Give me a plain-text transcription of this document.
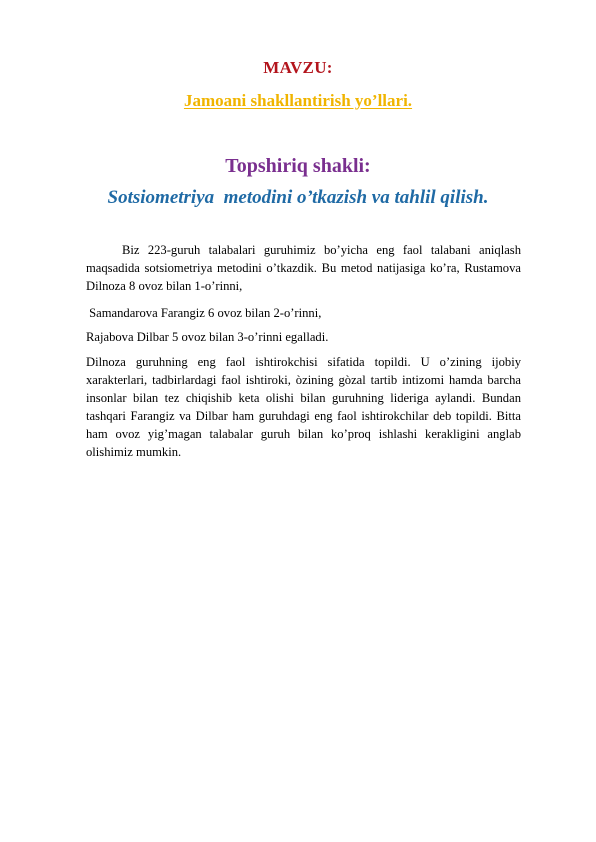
MAVZU:
Jamoani shakllantirish yo’llari.
Topshiriq shakli:
Sotsiometriya  metodini o’tkazish va tahlil qilish.
Biz 223-guruh talabalari guruhimiz bo’yicha eng faol talabani aniqlash maqsadida sotsiometriya metodini o’tkazdik. Bu metod natijasiga ko’ra, Rustamova Dilnoza 8 ovoz bilan 1-o’rinni,
Samandarova Farangiz 6 ovoz bilan 2-o’rinni,
Rajabova Dilbar 5 ovoz bilan 3-o’rinni egalladi.
Dilnoza guruhning eng faol ishtirokchisi sifatida topildi. U o’zining ijobiy xarakterlari, tadbirlardagi faol ishtiroki, òzining gòzal tartib intizomi hamda barcha insonlar bilan tez chiqishib keta olishi bilan guruhning lideriga aylandi. Bundan tashqari Farangiz va Dilbar ham guruhdagi eng faol ishtirokchilar deb topildi. Bitta ham ovoz yig’magan talabalar guruh bilan ko’proq ishlashi kerakligini anglab olishimiz mumkin.
